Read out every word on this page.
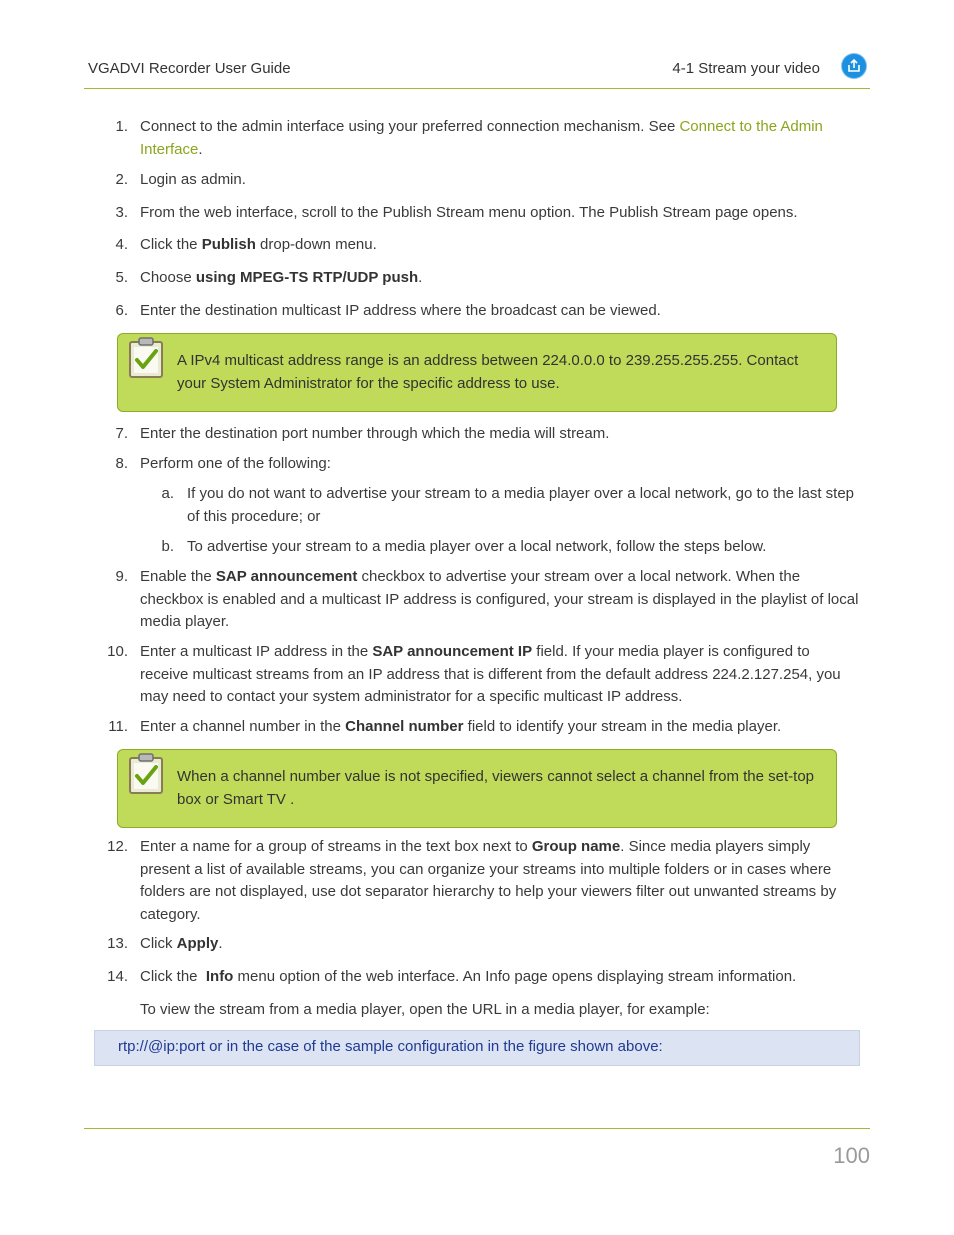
VGADVI Recorder User Guide	4-1 Stream your video
1. Connect to the admin interface using your preferred connection mechanism. See Connect to the Admin Interface.
2. Login as admin.
3. From the web interface, scroll to the Publish Stream menu option. The Publish Stream page opens.
4. Click the Publish drop-down menu.
5. Choose using MPEG-TS RTP/UDP push.
6. Enter the destination multicast IP address where the broadcast can be viewed.
A IPv4 multicast address range is an address between 224.0.0.0 to 239.255.255.255. Contact your System Administrator for the specific address to use.
7. Enter the destination port number through which the media will stream.
8. Perform one of the following:
a. If you do not want to advertise your stream to a media player over a local network, go to the last step of this procedure; or
b. To advertise your stream to a media player over a local network, follow the steps below.
9. Enable the SAP announcement checkbox to advertise your stream over a local network. When the checkbox is enabled and a multicast IP address is configured, your stream is displayed in the playlist of local media player.
10. Enter a multicast IP address in the SAP announcement IP field. If your media player is configured to receive multicast streams from an IP address that is different from the default address 224.2.127.254, you may need to contact your system administrator for a specific multicast IP address.
11. Enter a channel number in the Channel number field to identify your stream in the media player.
When a channel number value is not specified, viewers cannot select a channel from the set-top box or Smart TV .
12. Enter a name for a group of streams in the text box next to Group name. Since media players simply present a list of available streams, you can organize your streams into multiple folders or in cases where folders are not displayed, use dot separator hierarchy to help your viewers filter out unwanted streams by category.
13. Click Apply.
14. Click the  Info menu option of the web interface. An Info page opens displaying stream information.
To view the stream from a media player, open the URL in a media player, for example:
rtp://@ip:port or in the case of the sample configuration in the figure shown above:
100
